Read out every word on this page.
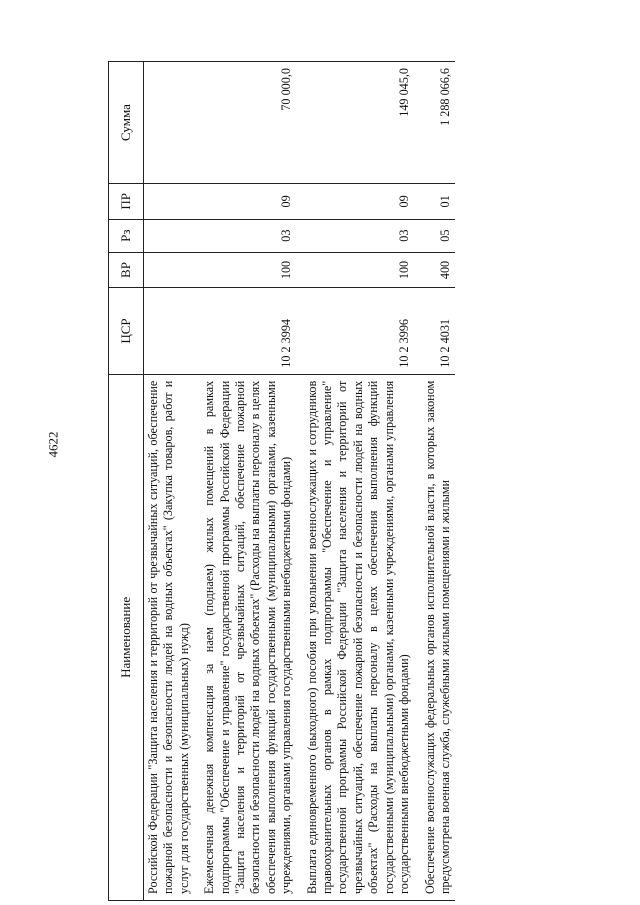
4622
Наименование	ЦСР	ВР	Рз	ПР	Сумма
Российской Федерации "Защита населения и территорий от чрезвычайных ситуаций, обеспечение пожарной безопасности и безопасности людей на водных объектах" (Закупка товаров, работ и услуг для государственных (муниципальных) нужд)					

Ежемесячная денежная компенсация за наем (поднаем) жилых помещений в рамках подпрограммы "Обеспечение и управление" государственной программы Российской Федерации "Защита населения и территорий от чрезвычайных ситуаций, обеспечение пожарной безопасности и безопасности людей на водных объектах" (Расходы на выплаты персоналу в целях обеспечения выполнения функций государственными (муниципальными) органами, казенными учреждениями, органами управления государственными внебюджетными фондами)	10 2 3994	100	03	09	70 000,0

Выплата единовременного (выходного) пособия при увольнении военнослужащих и сотрудников правоохранительных органов в рамках подпрограммы "Обеспечение и управление" государственной программы Российской Федерации "Защита населения и территорий от чрезвычайных ситуаций, обеспечение пожарной безопасности и безопасности людей на водных объектах" (Расходы на выплаты персоналу в целях обеспечения выполнения функций государственными (муниципальными) органами, казенными учреждениями, органами управления государственными внебюджетными фондами)	10 2 3996	100	03	09	149 045,0

Обеспечение военнослужащих федеральных органов исполнительной власти, в которых законом предусмотрена военная служба, служебными жилыми помещениями и жилыми	10 2 4031	400	05	01	1 288 066,6
